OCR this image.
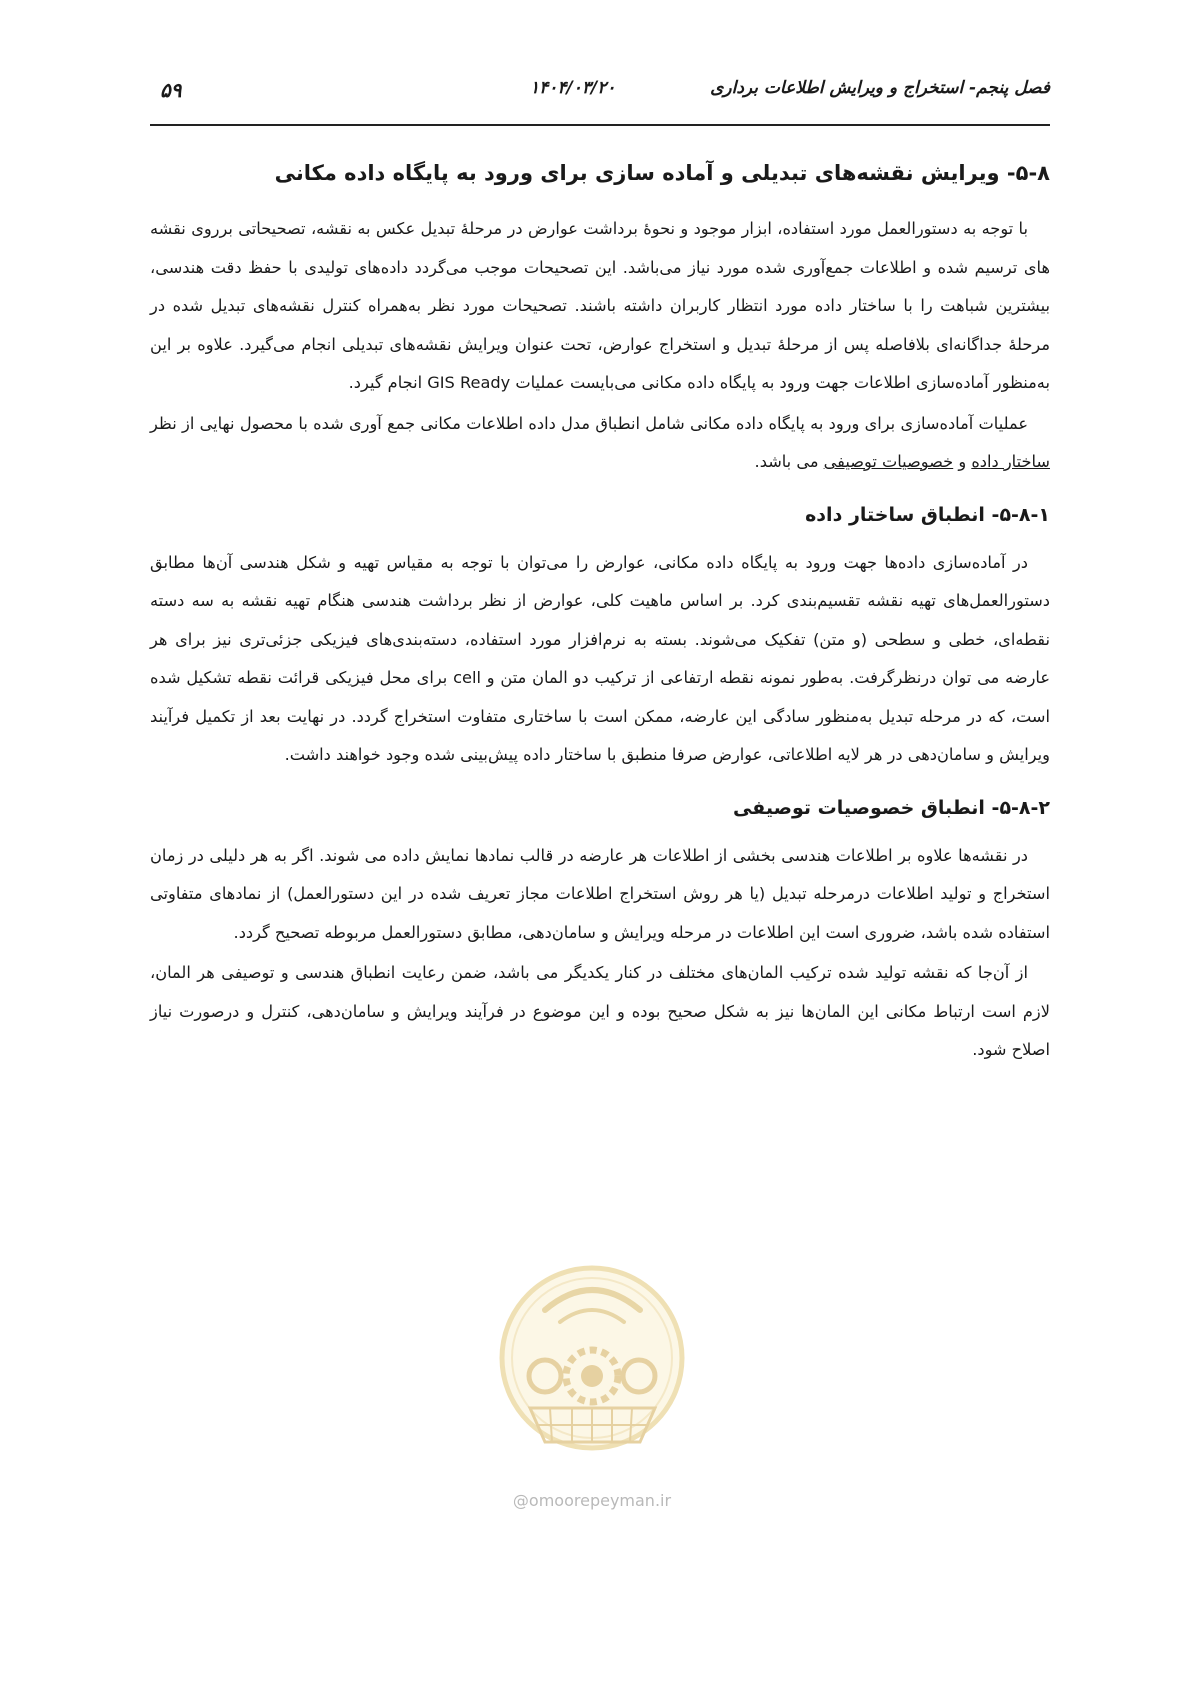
فصل پنجم- استخراج و ویرایش اطلاعات برداری
۱۴۰۴/۰۳/۲۰
۵۹
۵-۸- ویرایش نقشه‌های تبدیلی و آماده سازی برای ورود به پایگاه داده مکانی

با توجه به دستورالعمل مورد استفاده، ابزار موجود و نحوهٔ برداشت عوارض در مرحلهٔ تبدیل عکس به نقشه، تصحیحاتی برروی نقشه های ترسیم شده و اطلاعات جمع‌آوری شده مورد نیاز می‌باشد. این تصحیحات موجب می‌گردد داده‌های تولیدی با حفظ دقت هندسی، بیشترین شباهت را با ساختار داده مورد انتظار کاربران داشته باشند. تصحیحات مورد نظر به‌همراه کنترل نقشه‌های تبدیل شده در مرحلهٔ جداگانه‌ای بلافاصله پس از مرحلهٔ تبدیل و استخراج عوارض، تحت عنوان ویرایش نقشه‌های تبدیلی انجام می‌گیرد. علاوه بر این به‌منظور آماده‌سازی اطلاعات جهت ورود به پایگاه داده مکانی می‌بایست عملیات GIS Ready انجام گیرد.

عملیات آماده‌سازی برای ورود به پایگاه داده مکانی شامل انطباق مدل داده اطلاعات مکانی جمع آوری شده با محصول نهایی از نظر ساختار داده و خصوصیات توصیفی می باشد.

۵-۸-۱- انطباق ساختار داده

در آماده‌سازی داده‌ها جهت ورود به پایگاه داده مکانی، عوارض را می‌توان با توجه به مقیاس تهیه و شکل هندسی آن‌ها مطابق دستورالعمل‌های تهیه نقشه تقسیم‌بندی کرد. بر اساس ماهیت کلی، عوارض از نظر برداشت هندسی هنگام تهیه نقشه به سه دسته نقطه‌ای، خطی و سطحی (و متن) تفکیک می‌شوند. بسته به نرم‌افزار مورد استفاده، دسته‌بندی‌های فیزیکی جزئی‌تری نیز برای هر عارضه می توان درنظرگرفت. به‌طور نمونه نقطه ارتفاعی از ترکیب دو المان متن و cell برای محل فیزیکی قرائت نقطه تشکیل شده است، که در مرحله تبدیل به‌منظور سادگی این عارضه، ممکن است با ساختاری متفاوت استخراج گردد. در نهایت بعد از تکمیل فرآیند ویرایش و سامان‌دهی در هر لایه اطلاعاتی، عوارض صرفا منطبق با ساختار داده پیش‌بینی شده وجود خواهند داشت.

۵-۸-۲- انطباق خصوصیات توصیفی

در نقشه‌ها علاوه بر اطلاعات هندسی بخشی از اطلاعات هر عارضه در قالب نمادها نمایش داده می شوند. اگر به هر دلیلی در زمان استخراج و تولید اطلاعات درمرحله تبدیل (یا هر روش استخراج اطلاعات مجاز تعریف شده در این دستورالعمل) از نمادهای متفاوتی استفاده شده باشد، ضروری است این اطلاعات در مرحله ویرایش و سامان‌دهی، مطابق دستورالعمل مربوطه تصحیح گردد.

از آن‌جا که نقشه تولید شده ترکیب المان‌های مختلف در کنار یکدیگر می باشد، ضمن رعایت انطباق هندسی و توصیفی هر المان، لازم است ارتباط مکانی این المان‌ها نیز به شکل صحیح بوده و این موضوع در فرآیند ویرایش و سامان‌دهی، کنترل و درصورت نیاز اصلاح شود.

@omoorepeyman.ir
